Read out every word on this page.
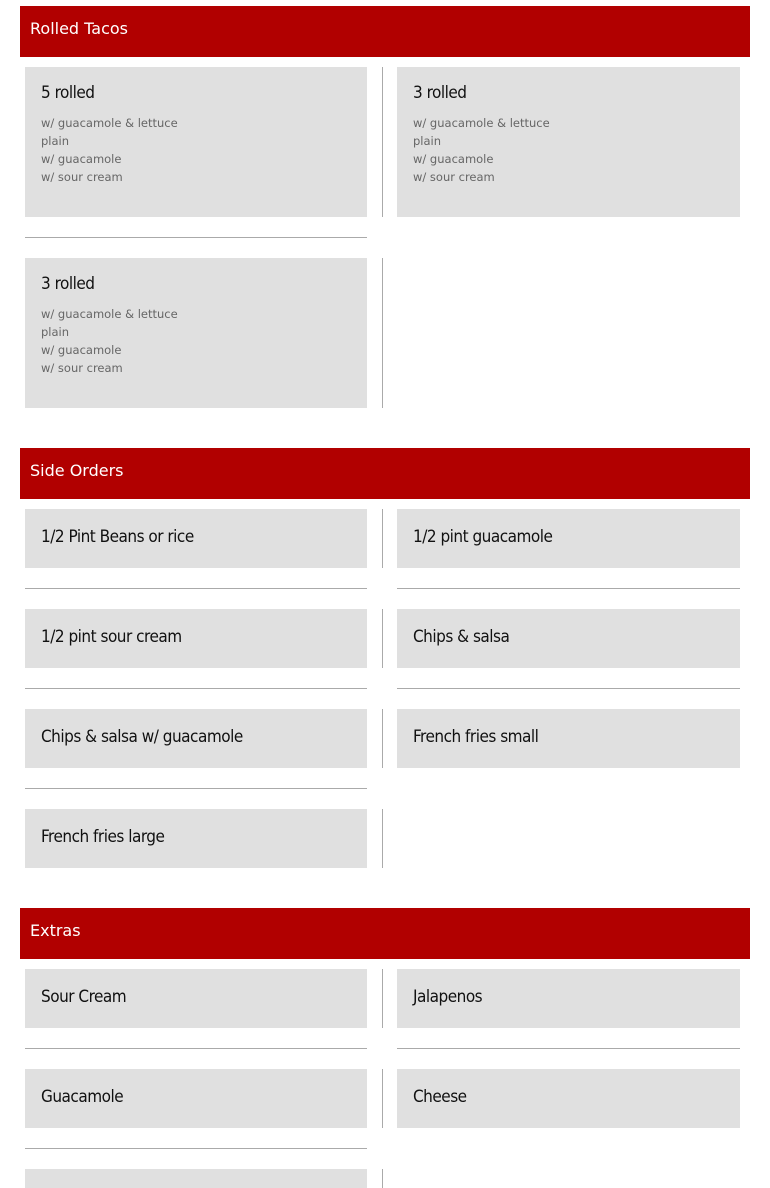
Rolled Tacos
5 rolled
w/ guacamole & lettuce
plain
w/ guacamole
w/ sour cream
3 rolled
w/ guacamole & lettuce
plain
w/ guacamole
w/ sour cream
3 rolled
w/ guacamole & lettuce
plain
w/ guacamole
w/ sour cream
Side Orders
1/2 Pint Beans or rice	1/2 pint guacamole
1/2 pint sour cream	Chips & salsa
Chips & salsa w/ guacamole	French fries small
French fries large
Extras
Sour Cream	Jalapenos
Guacamole	Cheese
